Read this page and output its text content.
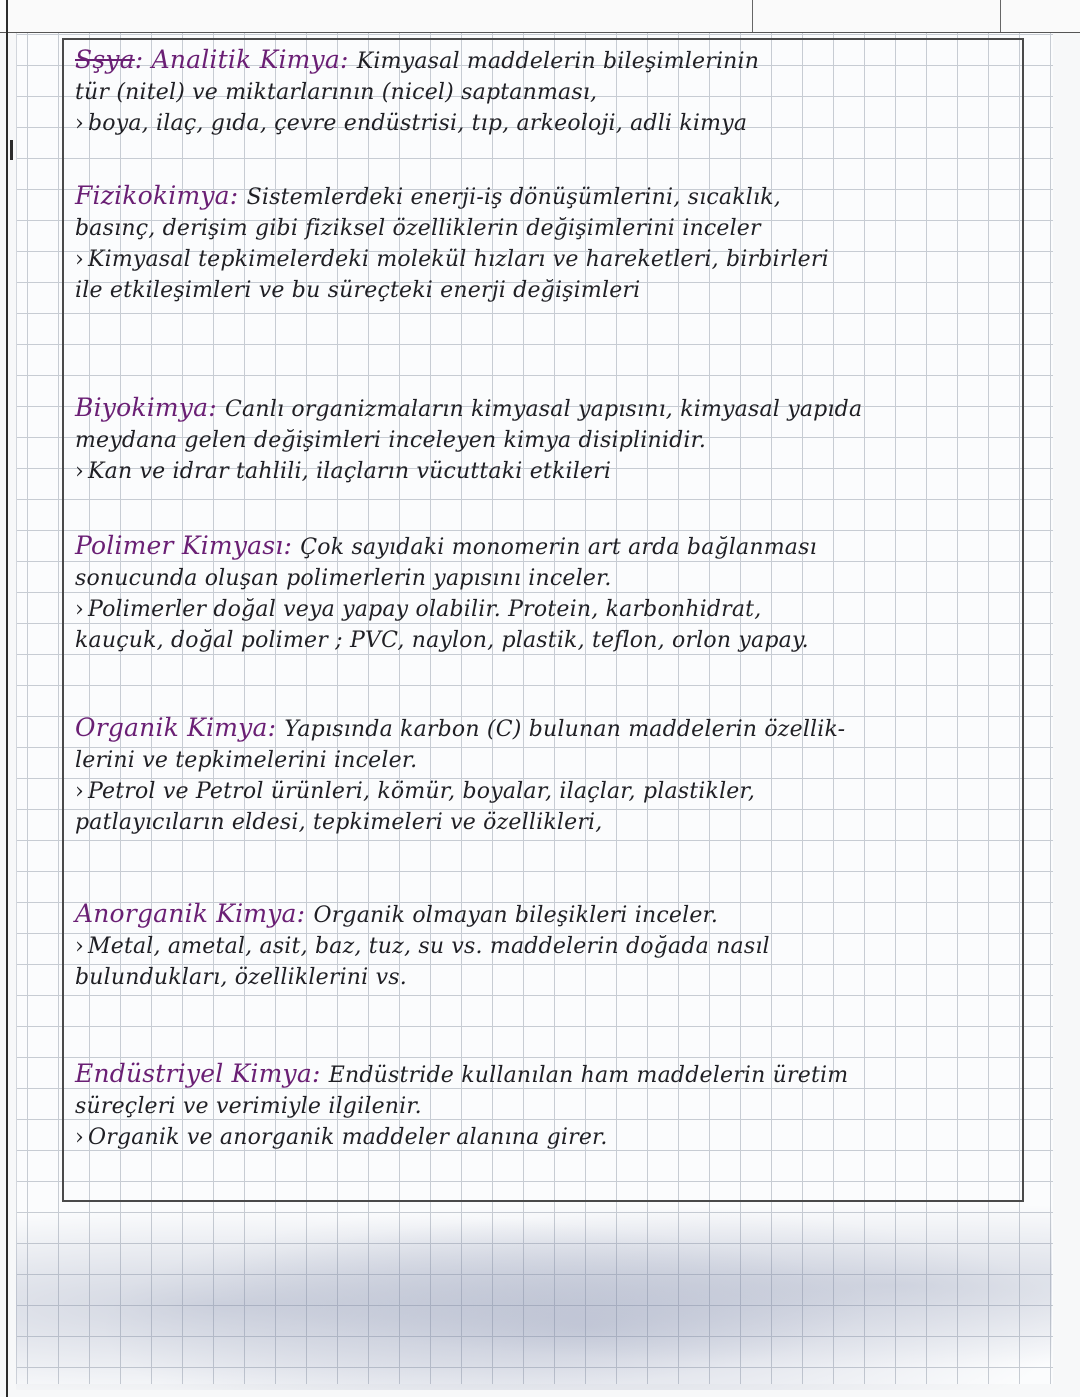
Sşya: Analitik Kimya: Kimyasal maddelerin bileşimlerinin
tür (nitel) ve miktarlarının (nicel) saptanması,
› boya, ilaç, gıda, çevre endüstrisi, tıp, arkeoloji, adli kimya
Fizikokimya: Sistemlerdeki enerji-iş dönüşümlerini, sıcaklık,
basınç, derişim gibi fiziksel özelliklerin değişimlerini inceler
› Kimyasal tepkimelerdeki molekül hızları ve hareketleri, birbirleri
ile etkileşimleri ve bu süreçteki enerji değişimleri
Biyokimya: Canlı organizmaların kimyasal yapısını, kimyasal yapıda
meydana gelen değişimleri inceleyen kimya disiplinidir.
› Kan ve idrar tahlili, ilaçların vücuttaki etkileri
Polimer Kimyası: Çok sayıdaki monomerin art arda bağlanması
sonucunda oluşan polimerlerin yapısını inceler.
› Polimerler doğal veya yapay olabilir. Protein, karbonhidrat,
kauçuk, doğal polimer ; PVC, naylon, plastik, teflon, orlon yapay.
Organik Kimya: Yapısında karbon (C) bulunan maddelerin özellik-
lerini ve tepkimelerini inceler.
› Petrol ve Petrol ürünleri, kömür, boyalar, ilaçlar, plastikler,
patlayıcıların eldesi, tepkimeleri ve özellikleri,
Anorganik Kimya: Organik olmayan bileşikleri inceler.
› Metal, ametal, asit, baz, tuz, su vs. maddelerin doğada nasıl
bulundukları, özelliklerini vs.
Endüstriyel Kimya: Endüstride kullanılan ham maddelerin üretim
süreçleri ve verimiyle ilgilenir.
› Organik ve anorganik maddeler alanına girer.
